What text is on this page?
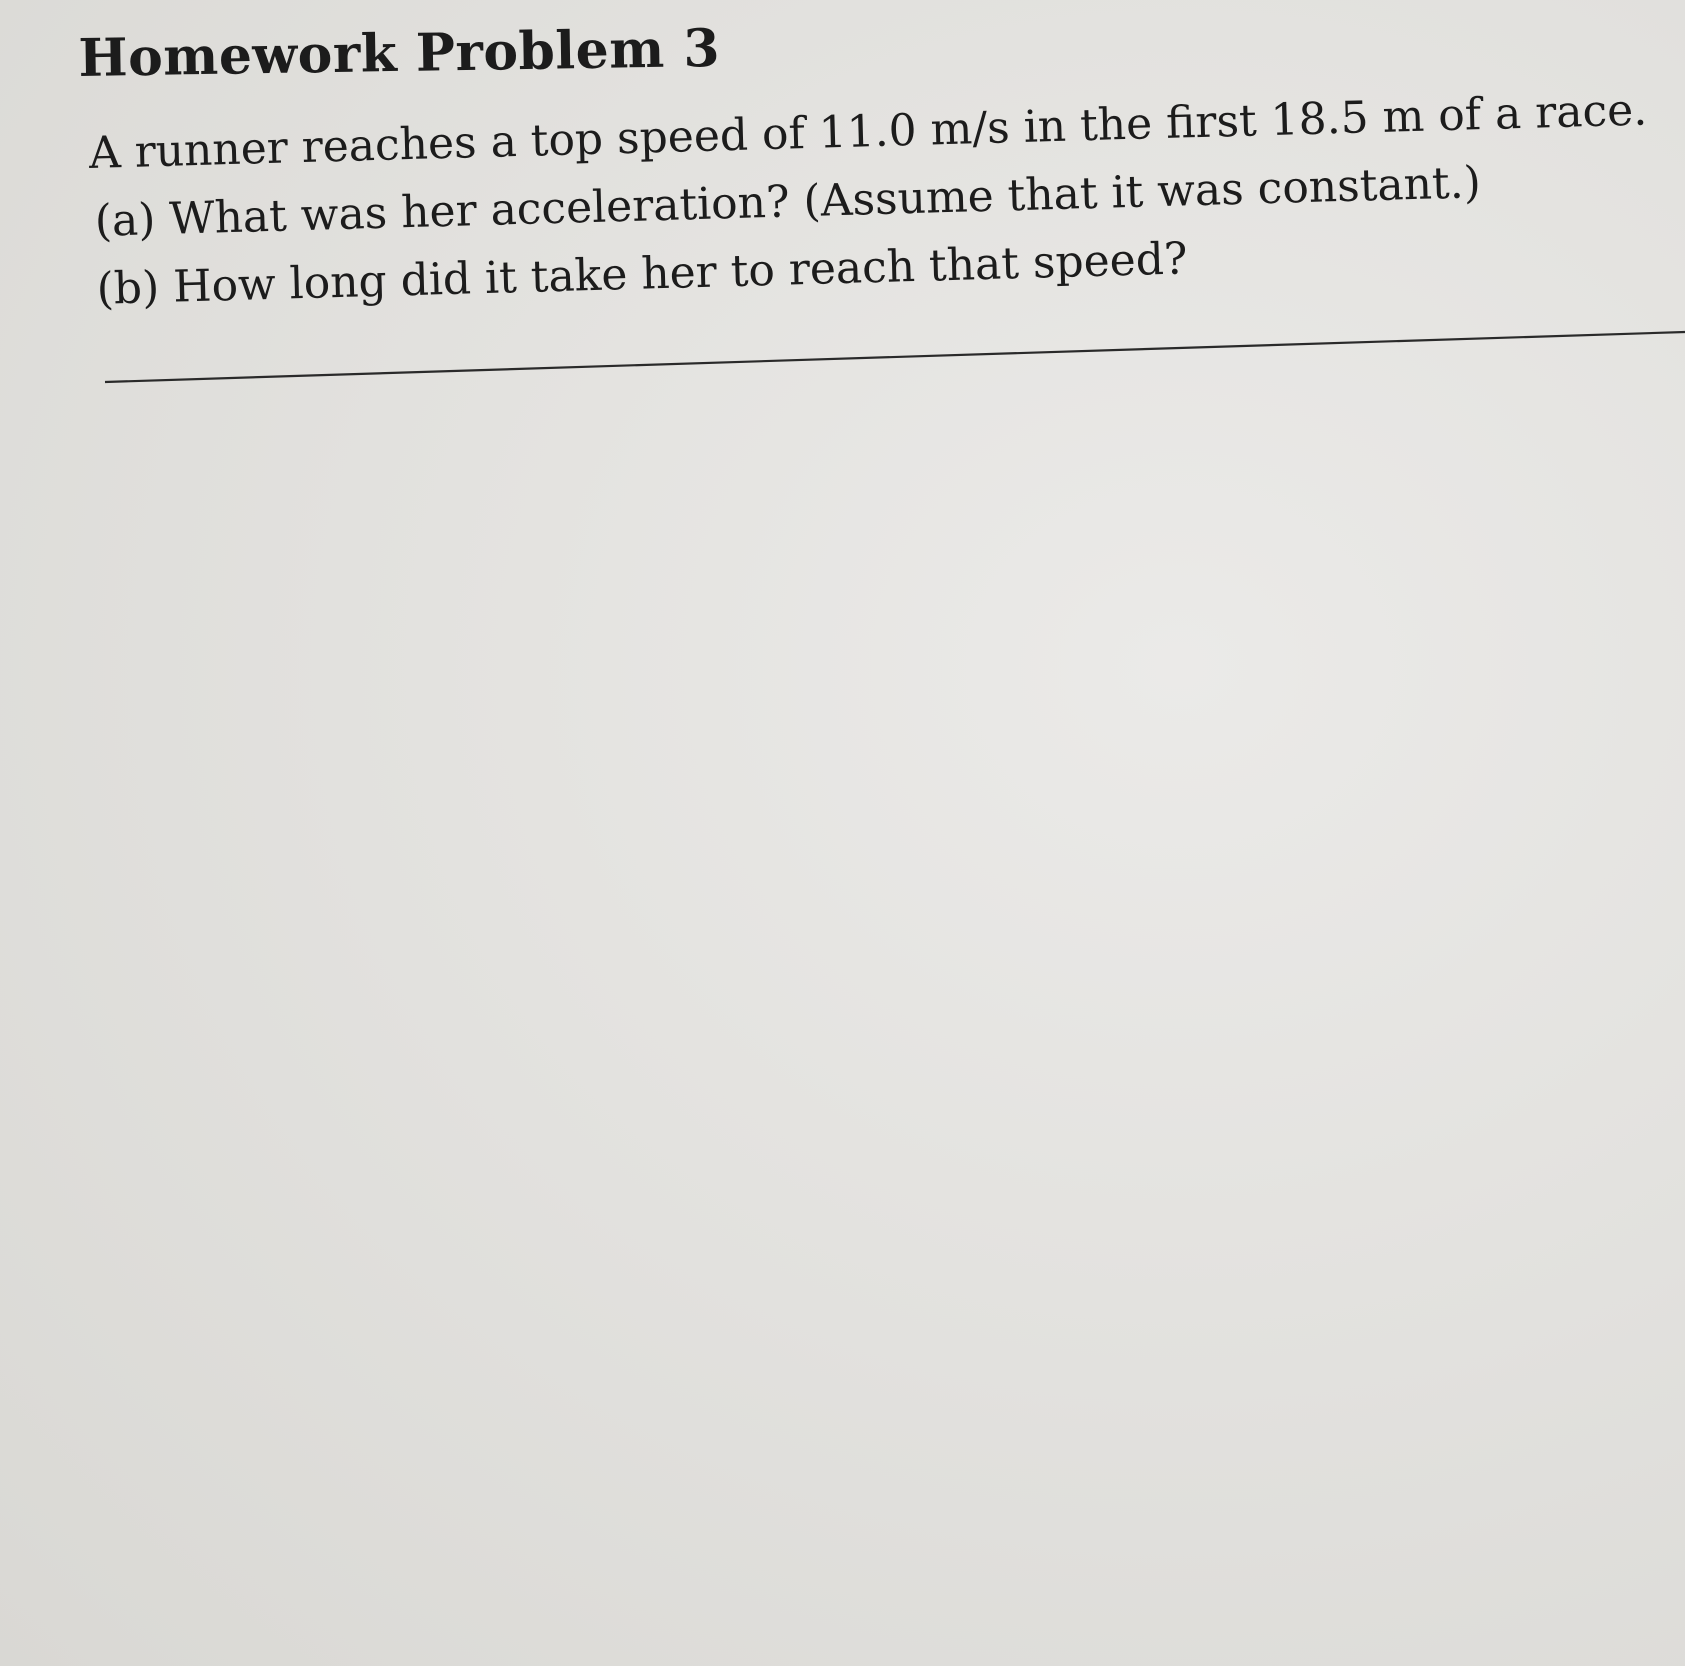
Homework Problem 3
A runner reaches a top speed of 11.0 m/s in the first 18.5 m of a race.
(a) What was her acceleration? (Assume that it was constant.)
(b) How long did it take her to reach that speed?
